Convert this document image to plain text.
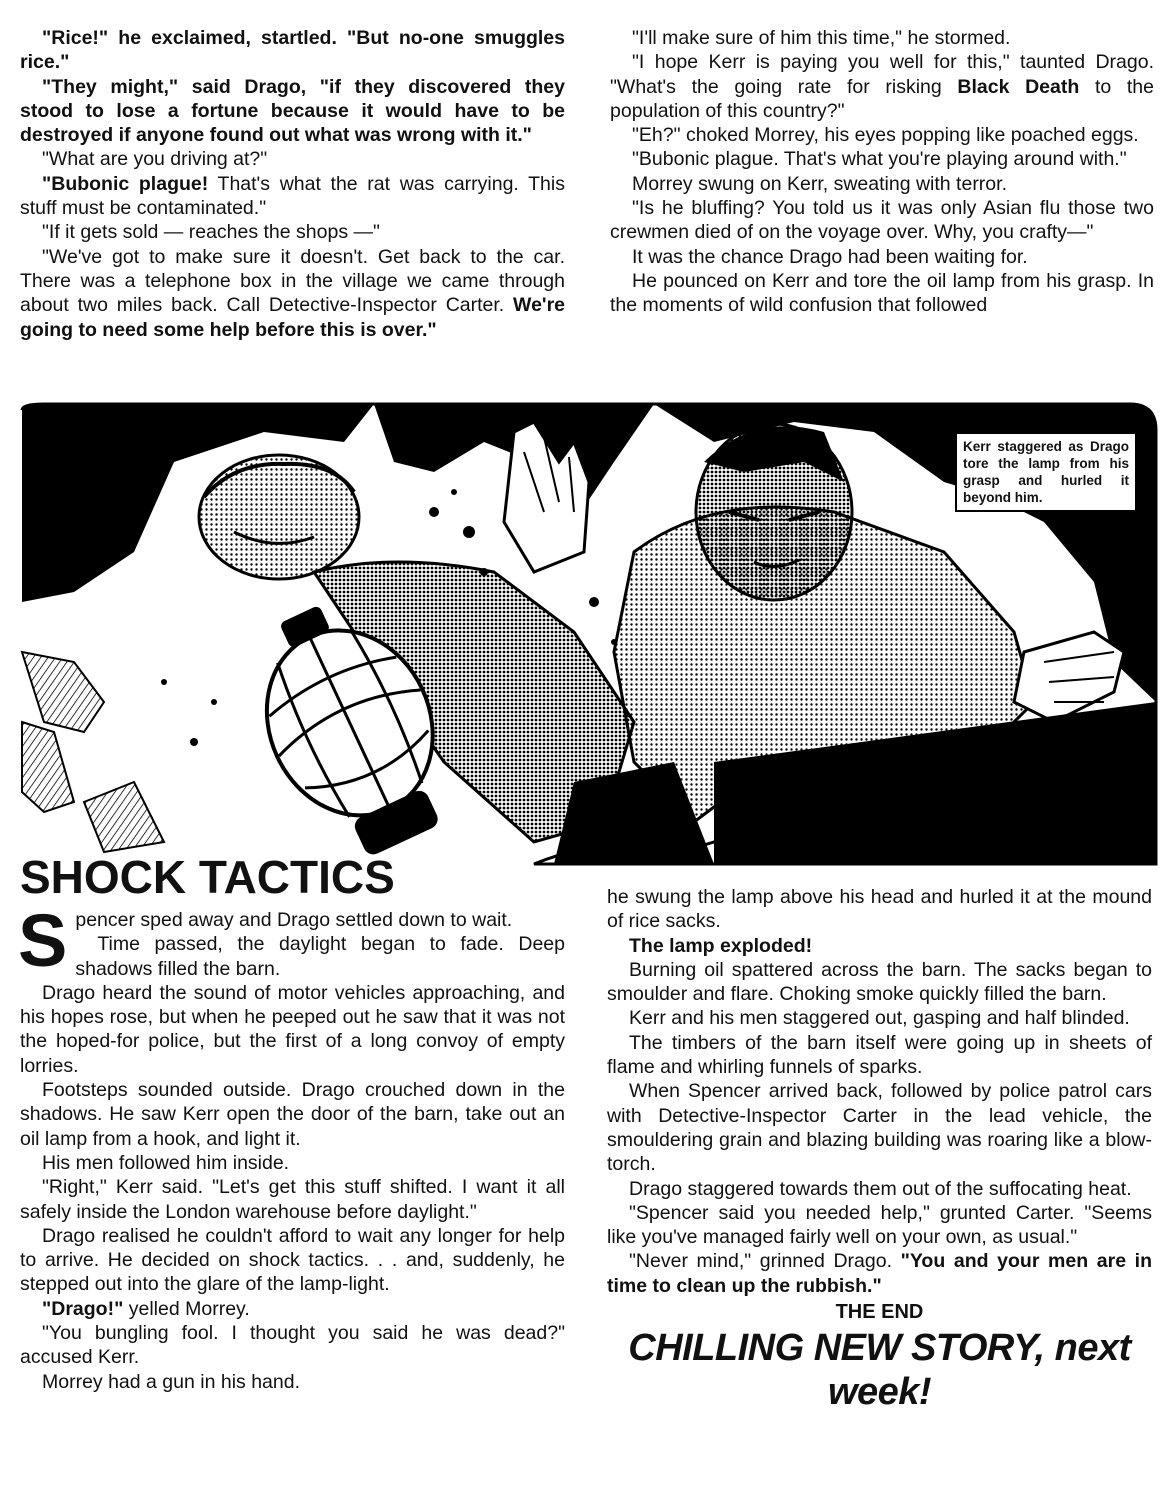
"Rice!" he exclaimed, startled. "But no-one smuggles rice."

"They might," said Drago, "if they discovered they stood to lose a fortune because it would have to be destroyed if anyone found out what was wrong with it."

"What are you driving at?"

"Bubonic plague! That's what the rat was carrying. This stuff must be contaminated."

"If it gets sold — reaches the shops —"

"We've got to make sure it doesn't. Get back to the car. There was a telephone box in the village we came through about two miles back. Call Detective-Inspector Carter. We're going to need some help before this is over."

"I'll make sure of him this time," he stormed.

"I hope Kerr is paying you well for this," taunted Drago. "What's the going rate for risking Black Death to the population of this country?"

"Eh?" choked Morrey, his eyes popping like poached eggs.

"Bubonic plague. That's what you're playing around with."

Morrey swung on Kerr, sweating with terror.

"Is he bluffing? You told us it was only Asian flu those two crewmen died of on the voyage over. Why, you crafty—"

It was the chance Drago had been waiting for.

He pounced on Kerr and tore the oil lamp from his grasp. In the moments of wild confusion that followed

Kerr staggered as Drago tore the lamp from his grasp and hurled it beyond him.
SHOCK TACTICS

Spencer sped away and Drago settled down to wait.

Time passed, the daylight began to fade. Deep shadows filled the barn.

Drago heard the sound of motor vehicles approaching, and his hopes rose, but when he peeped out he saw that it was not the hoped-for police, but the first of a long convoy of empty lorries.

Footsteps sounded outside. Drago crouched down in the shadows. He saw Kerr open the door of the barn, take out an oil lamp from a hook, and light it.

His men followed him inside.

"Right," Kerr said. "Let's get this stuff shifted. I want it all safely inside the London warehouse before daylight."

Drago realised he couldn't afford to wait any longer for help to arrive. He decided on shock tactics. . . and, suddenly, he stepped out into the glare of the lamp-light.

"Drago!" yelled Morrey.

"You bungling fool. I thought you said he was dead?" accused Kerr.

Morrey had a gun in his hand.

he swung the lamp above his head and hurled it at the mound of rice sacks.

The lamp exploded!

Burning oil spattered across the barn. The sacks began to smoulder and flare. Choking smoke quickly filled the barn.

Kerr and his men staggered out, gasping and half blinded.

The timbers of the barn itself were going up in sheets of flame and whirling funnels of sparks.

When Spencer arrived back, followed by police patrol cars with Detective-Inspector Carter in the lead vehicle, the smouldering grain and blazing building was roaring like a blow-torch.

Drago staggered towards them out of the suffocating heat.

"Spencer said you needed help," grunted Carter. "Seems like you've managed fairly well on your own, as usual."

"Never mind," grinned Drago. "You and your men are in time to clean up the rubbish."

THE END

CHILLING NEW STORY, next week!
